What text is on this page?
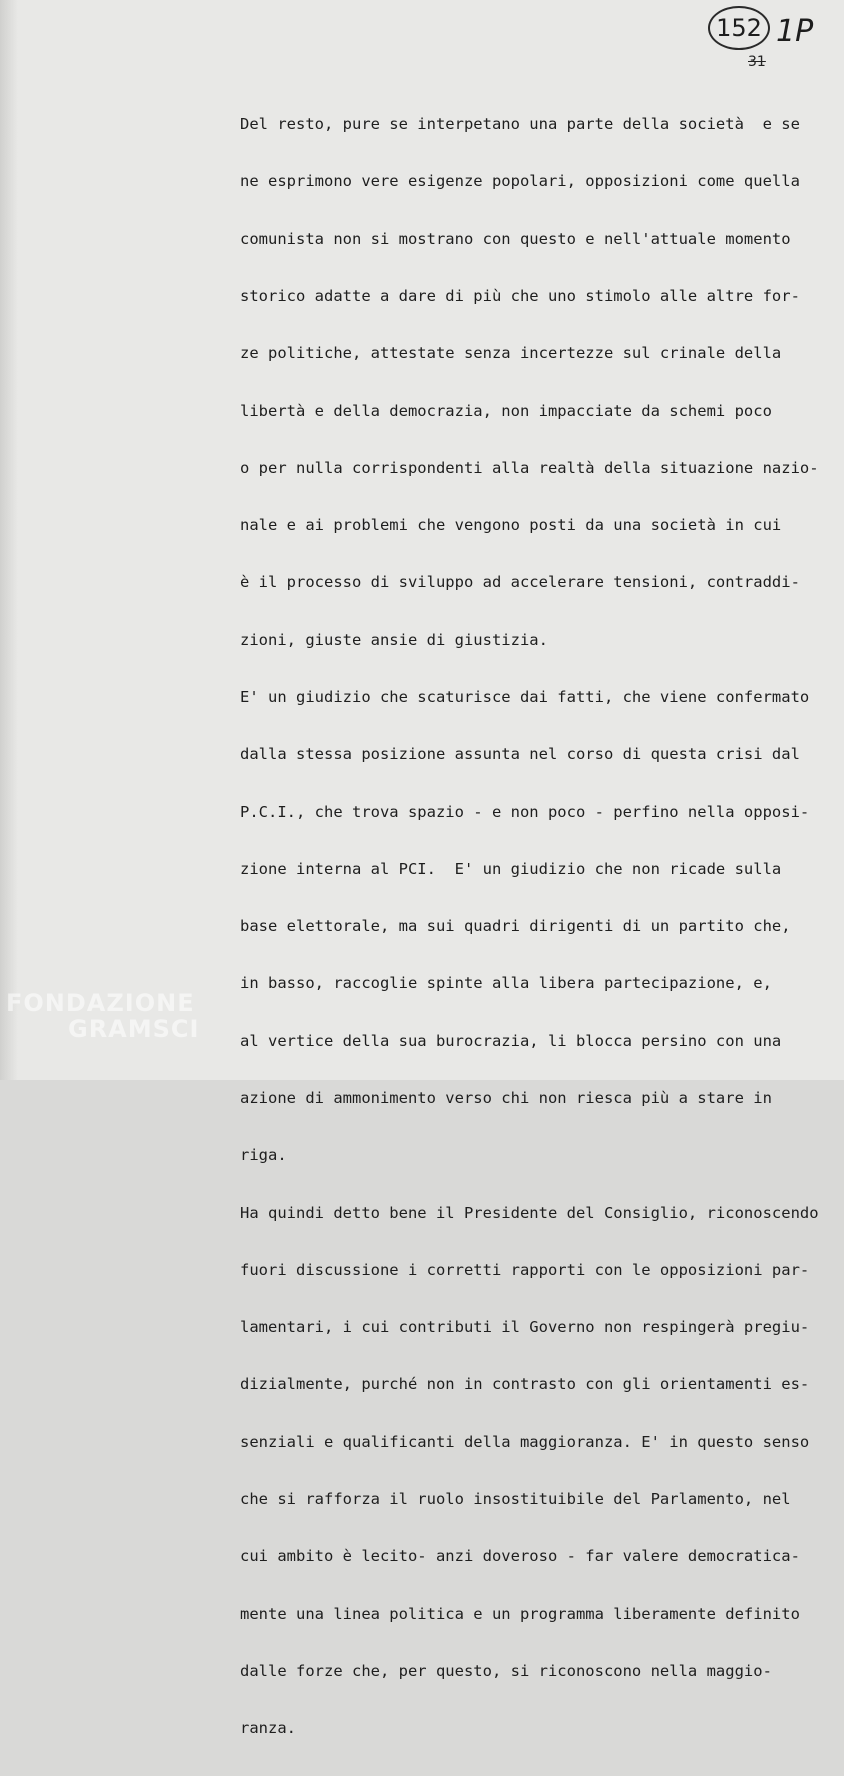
152 1P
31

Del resto, pure se interpetano una parte della società  e se

ne esprimono vere esigenze popolari, opposizioni come quella

comunista non si mostrano con questo e nell'attuale momento

storico adatte a dare di più che uno stimolo alle altre for-

ze politiche, attestate senza incertezze sul crinale della

libertà e della democrazia, non impacciate da schemi poco

o per nulla corrispondenti alla realtà della situazione nazio-

nale e ai problemi che vengono posti da una società in cui

è il processo di sviluppo ad accelerare tensioni, contraddi-

zioni, giuste ansie di giustizia.

E' un giudizio che scaturisce dai fatti, che viene confermato

dalla stessa posizione assunta nel corso di questa crisi dal

P.C.I., che trova spazio - e non poco - perfino nella opposi-

zione interna al PCI.  E' un giudizio che non ricade sulla

base elettorale, ma sui quadri dirigenti di un partito che,

in basso, raccoglie spinte alla libera partecipazione, e,

al vertice della sua burocrazia, li blocca persino con una

azione di ammonimento verso chi non riesca più a stare in

riga.

Ha quindi detto bene il Presidente del Consiglio, riconoscendo

fuori discussione i corretti rapporti con le opposizioni par-

lamentari, i cui contributi il Governo non respingerà pregiu-

dizialmente, purché non in contrasto con gli orientamenti es-

senziali e qualificanti della maggioranza. E' in questo senso

che si rafforza il ruolo insostituibile del Parlamento, nel

cui ambito è lecito- anzi doveroso - far valere democratica-

mente una linea politica e un programma liberamente definito

dalle forze che, per questo, si riconoscono nella maggio-

ranza.

FONDAZIONE
GRAMSCI
